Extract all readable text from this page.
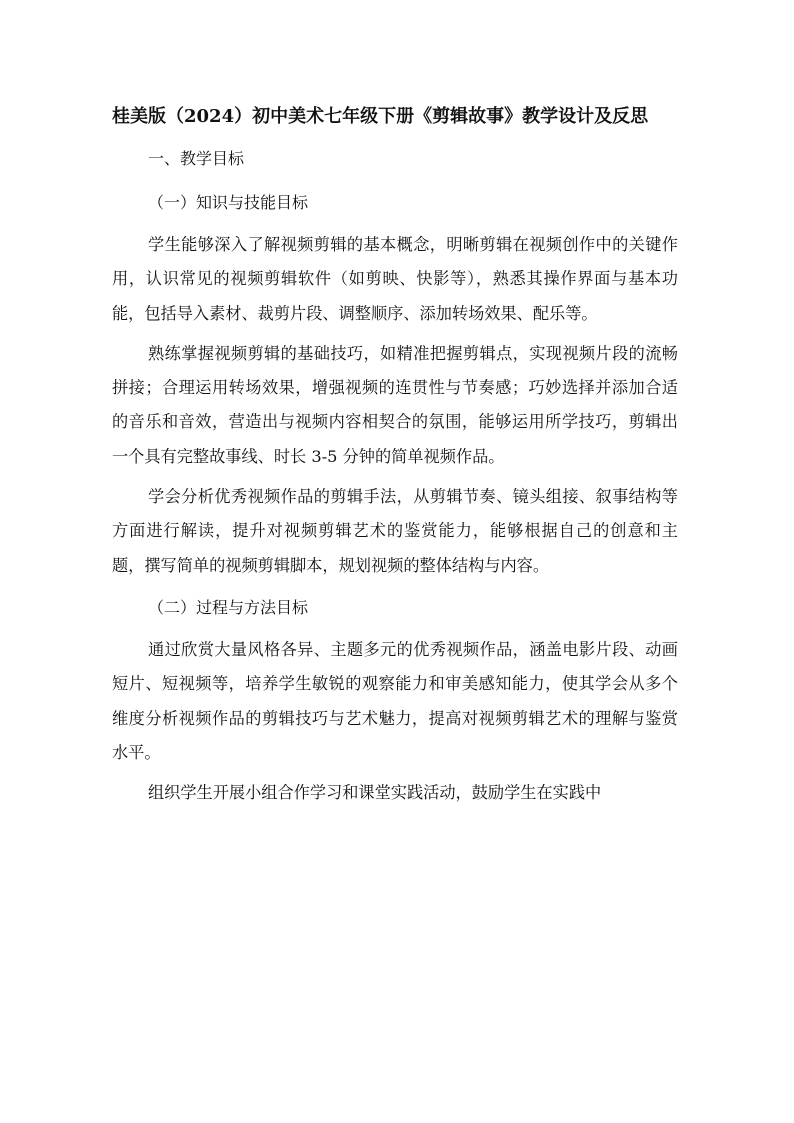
桂美版（2024）初中美术七年级下册《剪辑故事》教学设计及反思

一、教学目标

（一）知识与技能目标

学生能够深入了解视频剪辑的基本概念，明晰剪辑在视频创作中的关键作用，认识常见的视频剪辑软件（如剪映、快影等），熟悉其操作界面与基本功能，包括导入素材、裁剪片段、调整顺序、添加转场效果、配乐等。

熟练掌握视频剪辑的基础技巧，如精准把握剪辑点，实现视频片段的流畅拼接；合理运用转场效果，增强视频的连贯性与节奏感；巧妙选择并添加合适的音乐和音效，营造出与视频内容相契合的氛围，能够运用所学技巧，剪辑出一个具有完整故事线、时长 3-5 分钟的简单视频作品。

学会分析优秀视频作品的剪辑手法，从剪辑节奏、镜头组接、叙事结构等方面进行解读，提升对视频剪辑艺术的鉴赏能力，能够根据自己的创意和主题，撰写简单的视频剪辑脚本，规划视频的整体结构与内容。

（二）过程与方法目标

通过欣赏大量风格各异、主题多元的优秀视频作品，涵盖电影片段、动画短片、短视频等，培养学生敏锐的观察能力和审美感知能力，使其学会从多个维度分析视频作品的剪辑技巧与艺术魅力，提高对视频剪辑艺术的理解与鉴赏水平。

组织学生开展小组合作学习和课堂实践活动，鼓励学生在实践中
